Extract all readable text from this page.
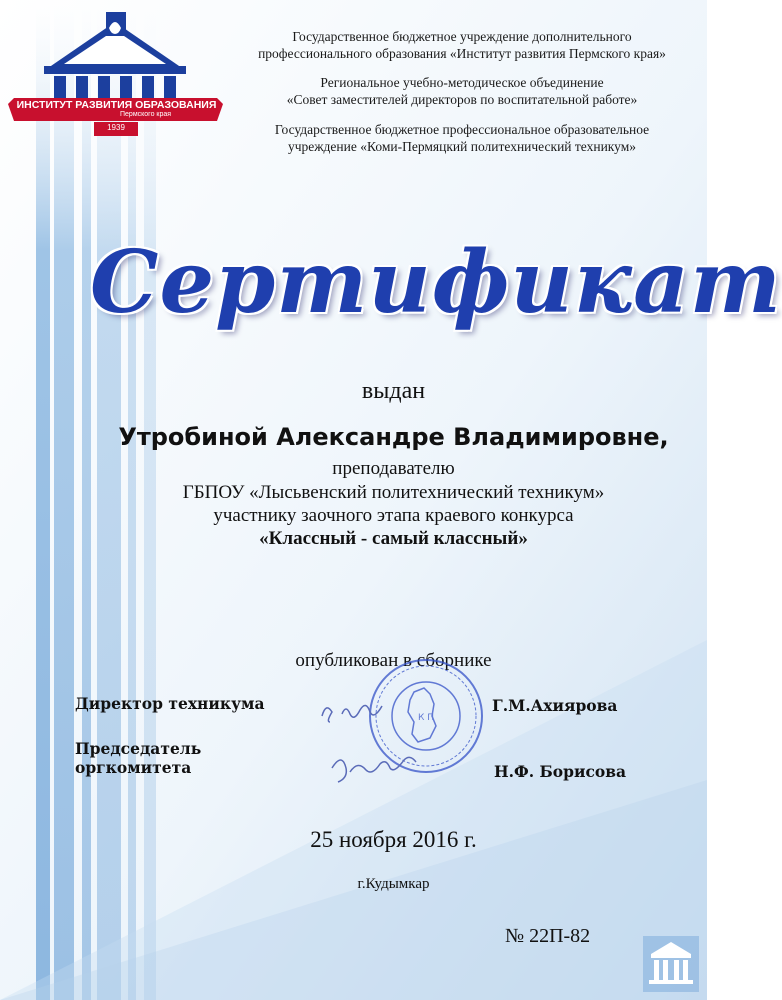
ИНСТИТУТ РАЗВИТИЯ ОБРАЗОВАНИЯ
Пермского края
1939
Государственное бюджетное учреждение дополнительного
профессионального образования «Институт развития Пермского края»
Региональное учебно-методическое объединение
«Совет заместителей директоров по воспитательной работе»
Государственное бюджетное профессиональное образовательное
учреждение «Коми-Пермяцкий политехнический техникум»
Сертификат
выдан
Утробиной Александре Владимировне,
преподавателю
ГБПОУ «Лысьвенский политехнический техникум»
участнику заочного этапа краевого конкурса
«Классный - самый классный»
опубликован в сборнике
К П
Директор техникума	Г.М.Ахиярова
Председатель
оргкомитета	Н.Ф. Борисова
25 ноября 2016 г.
г.Кудымкар
№ 22П-82
